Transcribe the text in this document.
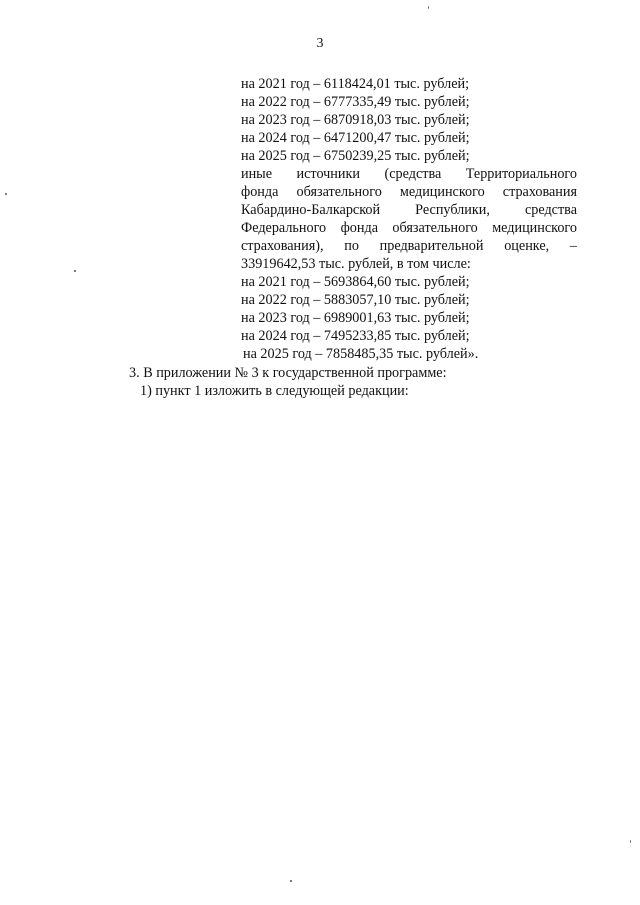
3
на 2021 год – 6118424,01 тыс. рублей;
на 2022 год – 6777335,49 тыс. рублей;
на 2023 год – 6870918,03 тыс. рублей;
на 2024 год – 6471200,47 тыс. рублей;
на 2025 год – 6750239,25 тыс. рублей;
иные источники (средства Территориального
фонда обязательного медицинского страхования
Кабардино-Балкарской Республики, средства
Федерального фонда обязательного медицинского
страхования), по предварительной оценке, –
33919642,53 тыс. рублей, в том числе:
на 2021 год – 5693864,60 тыс. рублей;
на 2022 год – 5883057,10 тыс. рублей;
на 2023 год – 6989001,63 тыс. рублей;
на 2024 год – 7495233,85 тыс. рублей;
на 2025 год – 7858485,35 тыс. рублей».
3. В приложении № 3 к государственной программе:
1) пункт 1 изложить в следующей редакции:
